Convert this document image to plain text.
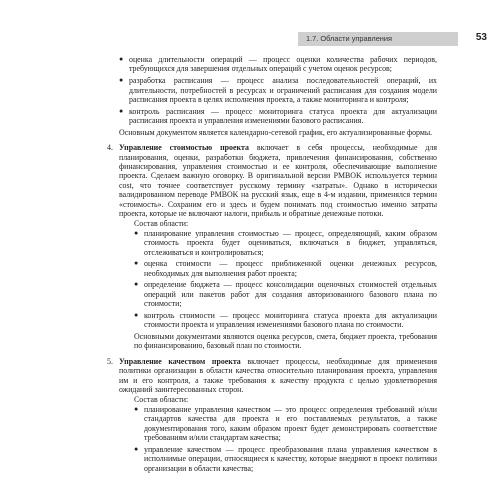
1.7. Области управления	53
● оценка длительности операций — процесс оценки количества рабочих периодов, требующихся для завершения отдельных операций с учетом оценок ресурсов;
● разработка расписания — процесс анализа последовательностей операций, их длительности, потребностей в ресурсах и ограничений расписания для создания модели расписания проекта в целях исполнения проекта, а также мониторинга и контроля;
● контроль расписания — процесс мониторинга статуса проекта для актуализации расписания проекта и управления изменениями базового расписания.

Основным документом является календарно-сетевой график, его актуализированные формы.

4. Управление стоимостью проекта включает в себя процессы, необходимые для планирования, оценки, разработки бюджета, привлечения финансирования, собственно финансирования, управления стоимостью и ее контроля, обеспечивающие выполнение проекта. Сделаем важную оговорку. В оригинальной версии PMBOK используется термин cost, что точнее соответствует русскому термину «затраты». Однако в исторически валидированном переводе PMBOK на русский язык, еще в 4-м издании, применялся термин «стоимость». Сохраним его и здесь и будем понимать под стоимостью именно затраты проекта, которые не включают налоги, прибыль и обратные денежные потоки.

Состав области:

● планирование управления стоимостью — процесс, определяющий, каким образом стоимость проекта будет оцениваться, включаться в бюджет, управляться, отслеживаться и контролироваться;
● оценка стоимости — процесс приближенной оценки денежных ресурсов, необходимых для выполнения работ проекта;
● определение бюджета — процесс консолидации оценочных стоимостей отдельных операций или пакетов работ для создания авторизованного базового плана по стоимости;
● контроль стоимости — процесс мониторинга статуса проекта для актуализации стоимости проекта и управления изменениями базового плана по стоимости.

Основными документами являются оценка ресурсов, смета, бюджет проекта, требования по финансированию, базовый план по стоимости.

5. Управление качеством проекта включает процессы, необходимые для применения политики организации в области качества относительно планирования проекта, управления им и его контроля, а также требования к качеству продукта с целью удовлетворения ожиданий заинтересованных сторон.

Состав области:

● планирование управления качеством — это процесс определения требований и/или стандартов качества для проекта и его поставляемых результатов, а также документирования того, каким образом проект будет демонстрировать соответствие требованиям и/или стандартам качества;
● управление качеством — процесс преобразования плана управления качеством в исполнимые операции, относящиеся к качеству, которые внедряют в проект политики организации в области качества;
